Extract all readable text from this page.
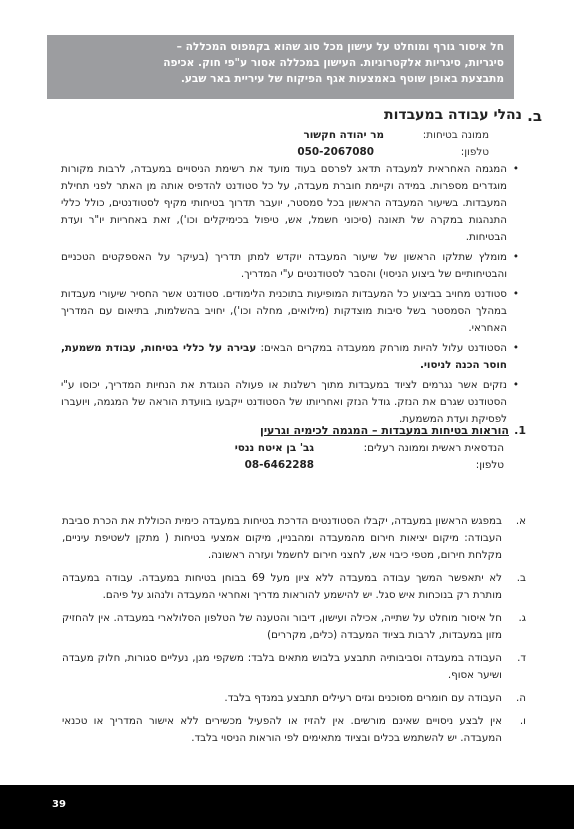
חל איסור גורף ומוחלט על עישון מכל סוג שהוא בקמפוס המכללה –
סיגריות, סיגריות אלקטרוניות. העישון במכללה אסור ע"פי חוק. אכיפה
מתבצעת באופן שוטף באמצעות אגף הפיקוח של עיריית באר שבע.
ב.
נהלי עבודה במעבדות
ממונה בטיחות:
מר יהודה חקשור
טלפון:
050-2067080
•
המגמה האחראית למעבדה תדאג לפרסם בעוד מועד את רשימת הניסויים במעבדה, לרבות מקורות מוגדרים מספרות. במידה וקיימת חוברת מעבדה, על כל סטודנט להדפיס אותה מן האתר לפני תחילת המעבדות. בשיעור המעבדה הראשון בכל סמסטר, יועבר תדרוך בטיחותי מקיף לסטודנטים, כולל כללי התנהגות במקרה של תאונה (סיכוני חשמל, אש, טיפול בכימיקלים וכו'), זאת באחריות יו"ר ועדת הבטיחות.
•
מומלץ שתלקו הראשון של שיעור המעבדה יוקדש למתן תדריך (בעיקר על האספקטים הטכניים והבטיחותיים של ביצוע הניסוי) והסבר לסטודנטים ע"י המדריך.
•
סטודנט מחויב בביצוע כל המעבדות המופיעות בתוכנית הלימודים. סטודנט אשר החסיר שיעורי מעבדות במהלך הסמסטר בשל סיבות מוצדקות (מילואים, מחלה וכו'), יחויב בהשלמות, בתיאום עם המדריך האחראי.
•
הסטודנט עלול להיות מורחק ממעבדה במקרים הבאים: עבירה על כללי בטיחות, עבודת משמעת, חוסר הכנה לניסוי.
•
נזקים אשר נגרמים לציוד במעבדות מתוך רשלנות או פעולה הנוגדת את הנחיות המדריך, יכוסו ע"י הסטודנט שגרם את הנזק. גודל הנזק ואחריותו של הסטודנט ייקבעו בוועדת הוראה של המגמה, ויועברו לפסיקת ועדת המשמעת.
1.
הוראות בטיחות במעבדות – המגמה לכימיה וגרעין
הנדסאית ראשית וממונה רעלים:
גב' בן איטח ננסי
טלפון:
08-6462288
א.
במפגש הראשון במעבדה, יקבלו הסטודנטים הדרכת בטיחות במעבדה כימית הכוללת את הכרת סביבת העבודה: מיקום יציאות חירום מהמעבדה ומהבניין, מיקום אמצעי בטיחות ( מתקן לשטיפת עיניים, מקלחת חירום, מטפי כיבוי אש, לחצני חירום לחשמל ועזרה ראשונה.
ב.
לא יתאפשר המשך עבודה במעבדה ללא ציון מעל 69 בבוחן בטיחות במעבדה. עבודה במעבדה מותרת רק בנוכחות איש סגל. יש להישמע להוראות מדריך ואחראי המעבדה ולנהוג על פיהם.
ג.
חל איסור מוחלט על שתייה, אכילה ועישון, דיבור והטענה של הטלפון הסלולארי במעבדה. אין להחזיק מזון במעבדות, לרבות בציוד המעבדה (כלים, מקררים)
ד.
העבודה במעבדה וסביבותיה תתבצע בלבוש מתאים בלבד: משקפי מגן, נעליים סגורות, חלוק מעבדה ושיער אסוף.
ה.
העבודה עם חומרים מסוכנים וגזים רעילים תתבצע במנדף בלבד.
ו.
אין לבצע ניסויים שאינם מורשים. אין להזיז או להפעיל מכשירים ללא אישור המדריך או טכנאי המעבדה. יש להשתמש בכלים ובציוד מתאימים לפי הוראות הניסוי בלבד.
39
